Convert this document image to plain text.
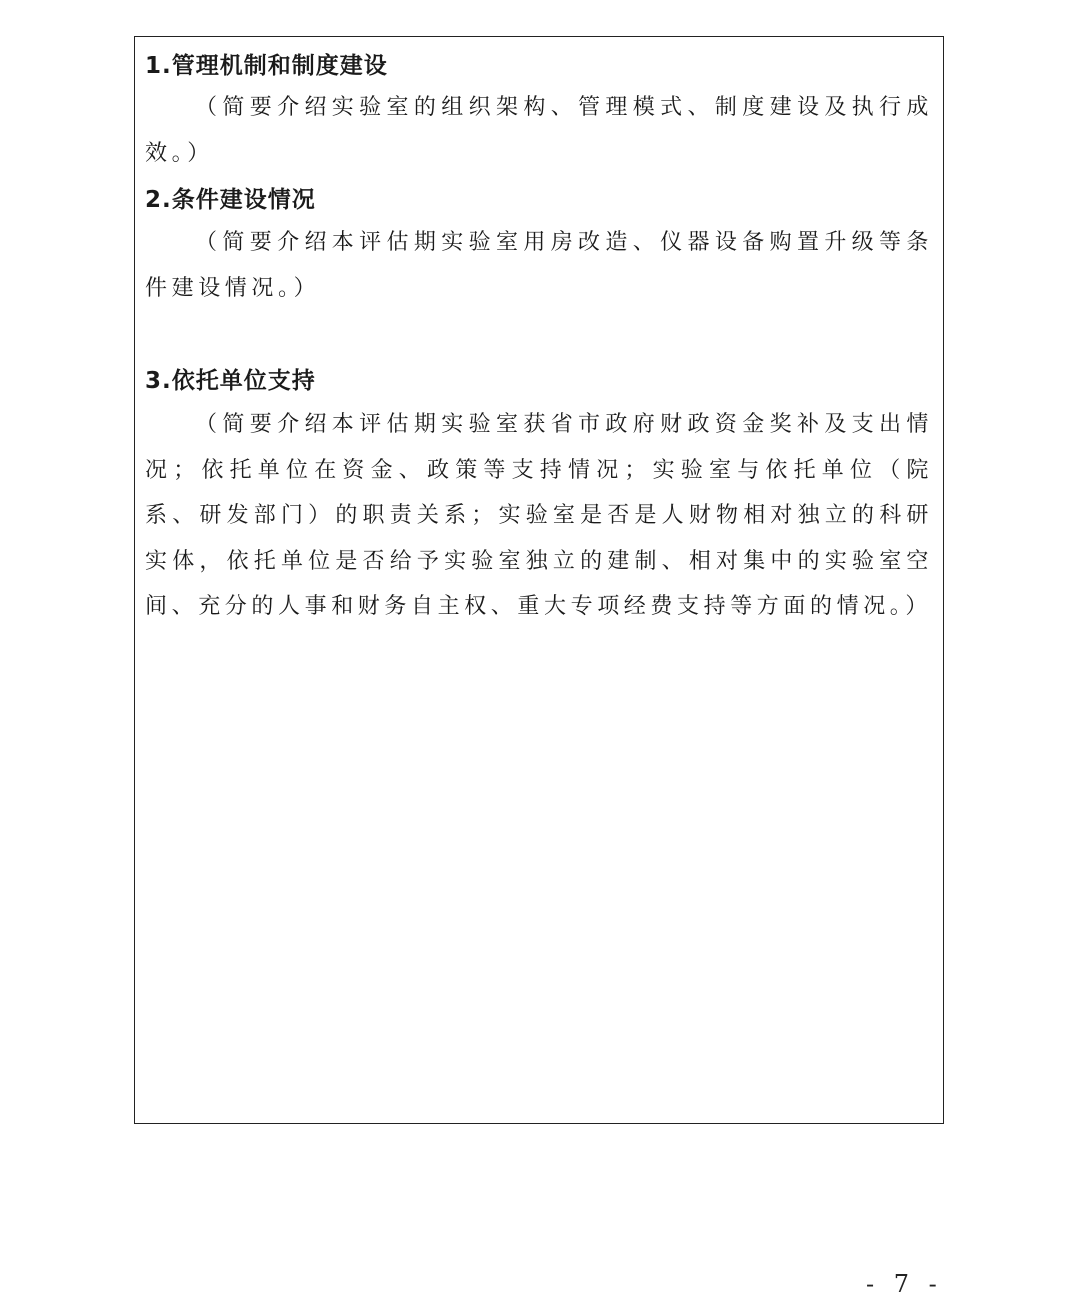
1.管理机制和制度建设

（简要介绍实验室的组织架构、管理模式、制度建设及执行成效。）

2.条件建设情况

（简要介绍本评估期实验室用房改造、仪器设备购置升级等条件建设情况。）

3.依托单位支持

（简要介绍本评估期实验室获省市政府财政资金奖补及支出情况；依托单位在资金、政策等支持情况；实验室与依托单位（院系、研发部门）的职责关系；实验室是否是人财物相对独立的科研实体，依托单位是否给予实验室独立的建制、相对集中的实验室空间、充分的人事和财务自主权、重大专项经费支持等方面的情况。）

- 7 -
